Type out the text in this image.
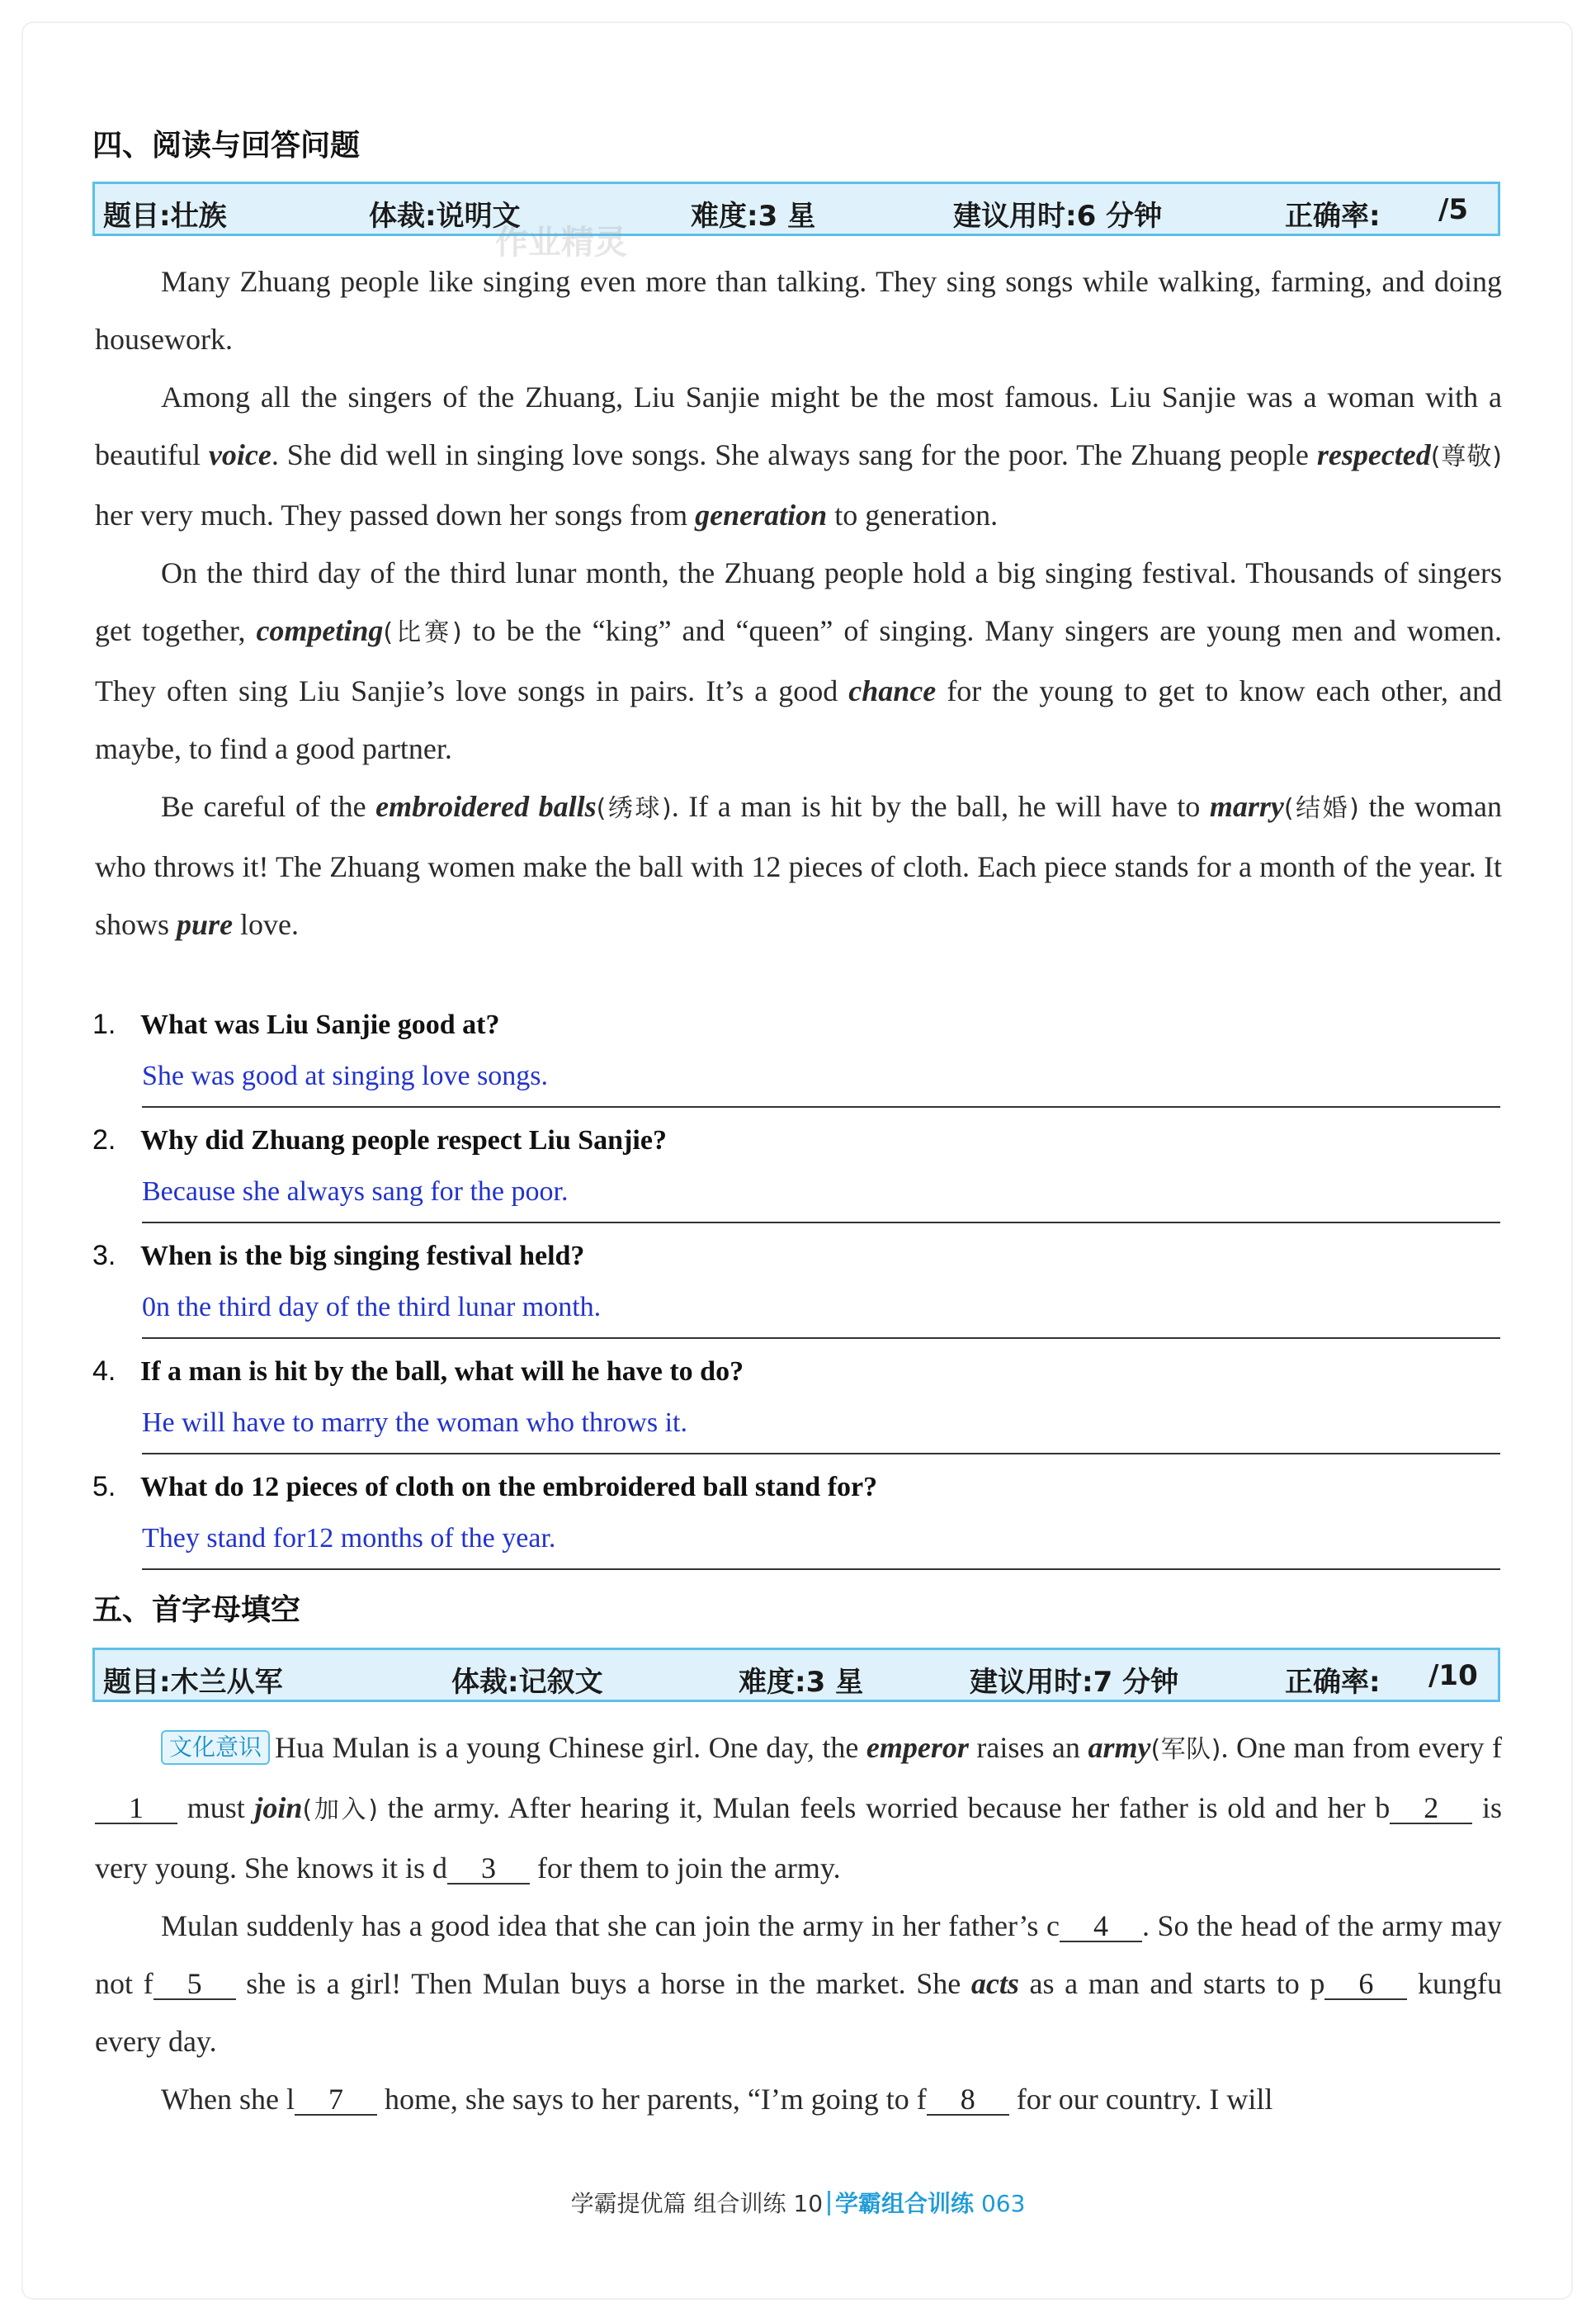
四、阅读与回答问题
题目:壮族	体裁:说明文	难度:3 星	建议用时:6 分钟	正确率: /5
作业精灵

Many Zhuang people like singing even more than talking. They sing songs while walking, farming, and doing housework.

Among all the singers of the Zhuang, Liu Sanjie might be the most famous. Liu Sanjie was a woman with a beautiful voice. She did well in singing love songs. She always sang for the poor. The Zhuang people respected(尊敬) her very much. They passed down her songs from generation to generation.

On the third day of the third lunar month, the Zhuang people hold a big singing festival. Thousands of singers get together, competing(比赛) to be the “king” and “queen” of singing. Many singers are young men and women. They often sing Liu Sanjie’s love songs in pairs. It’s a good chance for the young to get to know each other, and maybe, to find a good partner.

Be careful of the embroidered balls(绣球). If a man is hit by the ball, he will have to marry(结婚) the woman who throws it! The Zhuang women make the ball with 12 pieces of cloth. Each piece stands for a month of the year. It shows pure love.

1. What was Liu Sanjie good at?
She was good at singing love songs.
2. Why did Zhuang people respect Liu Sanjie?
Because she always sang for the poor.
3. When is the big singing festival held?
0n the third day of the third lunar month.
4. If a man is hit by the ball, what will he have to do?
He will have to marry the woman who throws it.
5. What do 12 pieces of cloth on the embroidered ball stand for?
They stand for12 months of the year.
五、首字母填空
题目:木兰从军	体裁:记叙文	难度:3 星	建议用时:7 分钟	正确率: /10

文化意识 Hua Mulan is a young Chinese girl. One day, the emperor raises an army(军队). One man from every f1 must join(加入) the army. After hearing it, Mulan feels worried because her father is old and her b 2 is very young. She knows it is d 3 for them to join the army.

Mulan suddenly has a good idea that she can join the army in her father’s c 4 . So the head of the army may not f 5 she is a girl! Then Mulan buys a horse in the market. She acts as a man and starts to p 6 kungfu every day.

When she l 7 home, she says to her parents, “I’m going to f 8 for our country. I will

学霸提优篇 组合训练 10 学霸组合训练 063
